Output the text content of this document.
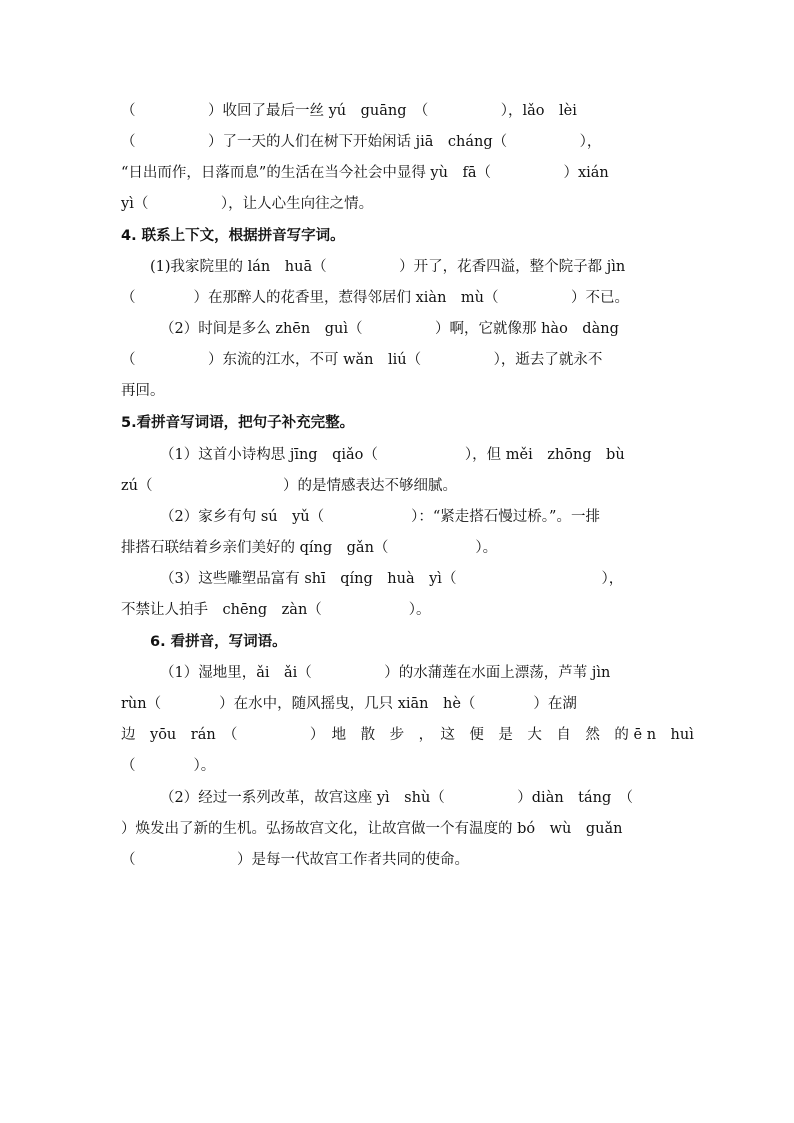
（　　　　　）收回了最后一丝 yú　guāng　（　　　　　），lǎo　lèi
（　　　　　）了一天的人们在树下开始闲话 jiā　cháng（　　　　　），
“日出而作，日落而息”的生活在当今社会中显得 yù　fā（　　　　　）xián
yì（　　　　　），让人心生向往之情。
4. 联系上下文，根据拼音写字词。
(1)我家院里的 lán　huā（　　　　　）开了，花香四溢，整个院子都 jìn
（　　　　）在那醉人的花香里，惹得邻居们 xiàn　mù（　　　　　）不已。
（2）时间是多么 zhēn　guì（　　　　　）啊，它就像那 hào　dàng
（　　　　　）东流的江水，不可 wǎn　liú（　　　　　），逝去了就永不
再回。
5.看拼音写词语，把句子补充完整。
（1）这首小诗构思 jīng　qiǎo（　　　　　　），但 měi　zhōng　bù
zú（　　　　　　　　　）的是情感表达不够细腻。
（2）家乡有句 sú　yǔ（　　　　　　）：“紧走搭石慢过桥。”。一排
排搭石联结着乡亲们美好的 qíng　gǎn（　　　　　　）。
（3）这些雕塑品富有 shī　qíng　huà　yì（　　　　　　　　　　），
不禁让人拍手　chēng　zàn（　　　　　　）。
6. 看拼音，写词语。
（1）湿地里，ǎi　ǎi（　　　　　）的水蒲莲在水面上漂荡，芦苇 jìn
rùn（　　　　）在水中，随风摇曳，几只 xiān　hè（　　　　）在湖
边　yōu　rán　（　　　　　）　地　散　步　，　这　便　是　大　自　然　的 ē n　huì
（　　　　）。
（2）经过一系列改革，故宫这座 yì　shù（　　　　　）diàn　táng　（
）焕发出了新的生机。弘扬故宫文化，让故宫做一个有温度的 bó　wù　guǎn
（　　　　　　　）是每一代故宫工作者共同的使命。
